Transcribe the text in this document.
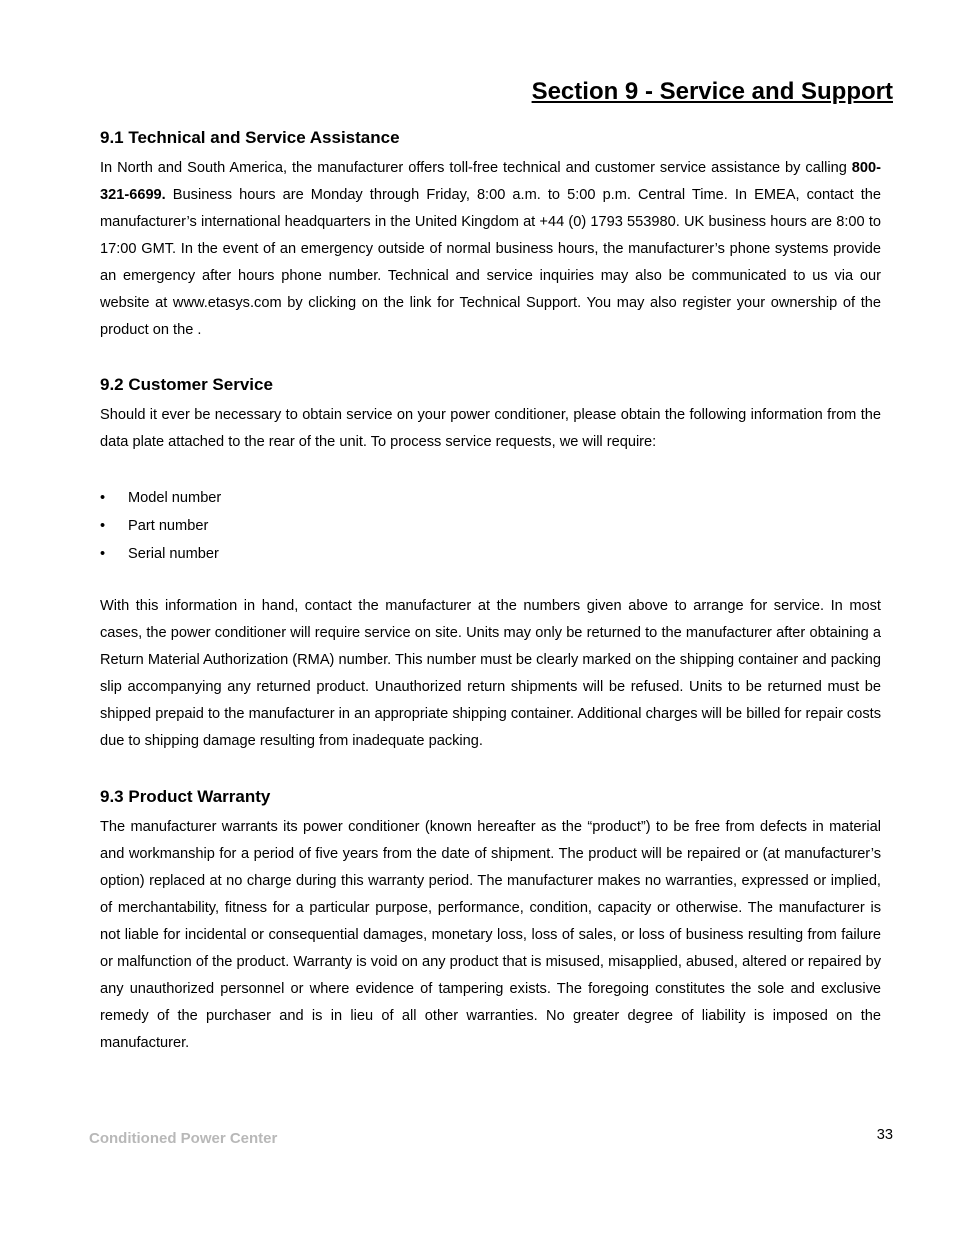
Section 9 - Service and Support
9.1 Technical and Service Assistance

In North and South America, the manufacturer offers toll-free technical and customer service assistance by calling 800-321-6699. Business hours are Monday through Friday, 8:00 a.m. to 5:00 p.m. Central Time. In EMEA, contact the manufacturer’s international headquarters in the United Kingdom at +44 (0) 1793 553980. UK business hours are 8:00 to 17:00 GMT. In the event of an emergency outside of normal business hours, the manufacturer’s phone systems provide an emergency after hours phone number. Technical and service inquiries may also be communicated to us via our website at www.etasys.com by clicking on the link for Technical Support. You may also register your ownership of the product on the .

9.2 Customer Service

Should it ever be necessary to obtain service on your power conditioner, please obtain the following information from the data plate attached to the rear of the unit. To process service requests, we will require:

• Model number
• Part number
• Serial number

With this information in hand, contact the manufacturer at the numbers given above to arrange for service. In most cases, the power conditioner will require service on site. Units may only be returned to the manufacturer after obtaining a Return Material Authorization (RMA) number. This number must be clearly marked on the shipping container and packing slip accompanying any returned product. Unauthorized return shipments will be refused. Units to be returned must be shipped prepaid to the manufacturer in an appropriate shipping container. Additional charges will be billed for repair costs due to shipping damage resulting from inadequate packing.

9.3 Product Warranty

The manufacturer warrants its power conditioner (known hereafter as the “product”) to be free from defects in material and workmanship for a period of five years from the date of shipment. The product will be repaired or (at manufacturer’s option) replaced at no charge during this warranty period. The manufacturer makes no warranties, expressed or implied, of merchantability, fitness for a particular purpose, performance, condition, capacity or otherwise. The manufacturer is not liable for incidental or consequential damages, monetary loss, loss of sales, or loss of business resulting from failure or malfunction of the product. Warranty is void on any product that is misused, misapplied, abused, altered or repaired by any unauthorized personnel or where evidence of tampering exists. The foregoing constitutes the sole and exclusive remedy of the purchaser and is in lieu of all other warranties. No greater degree of liability is imposed on the manufacturer.

Conditioned Power Center	33
